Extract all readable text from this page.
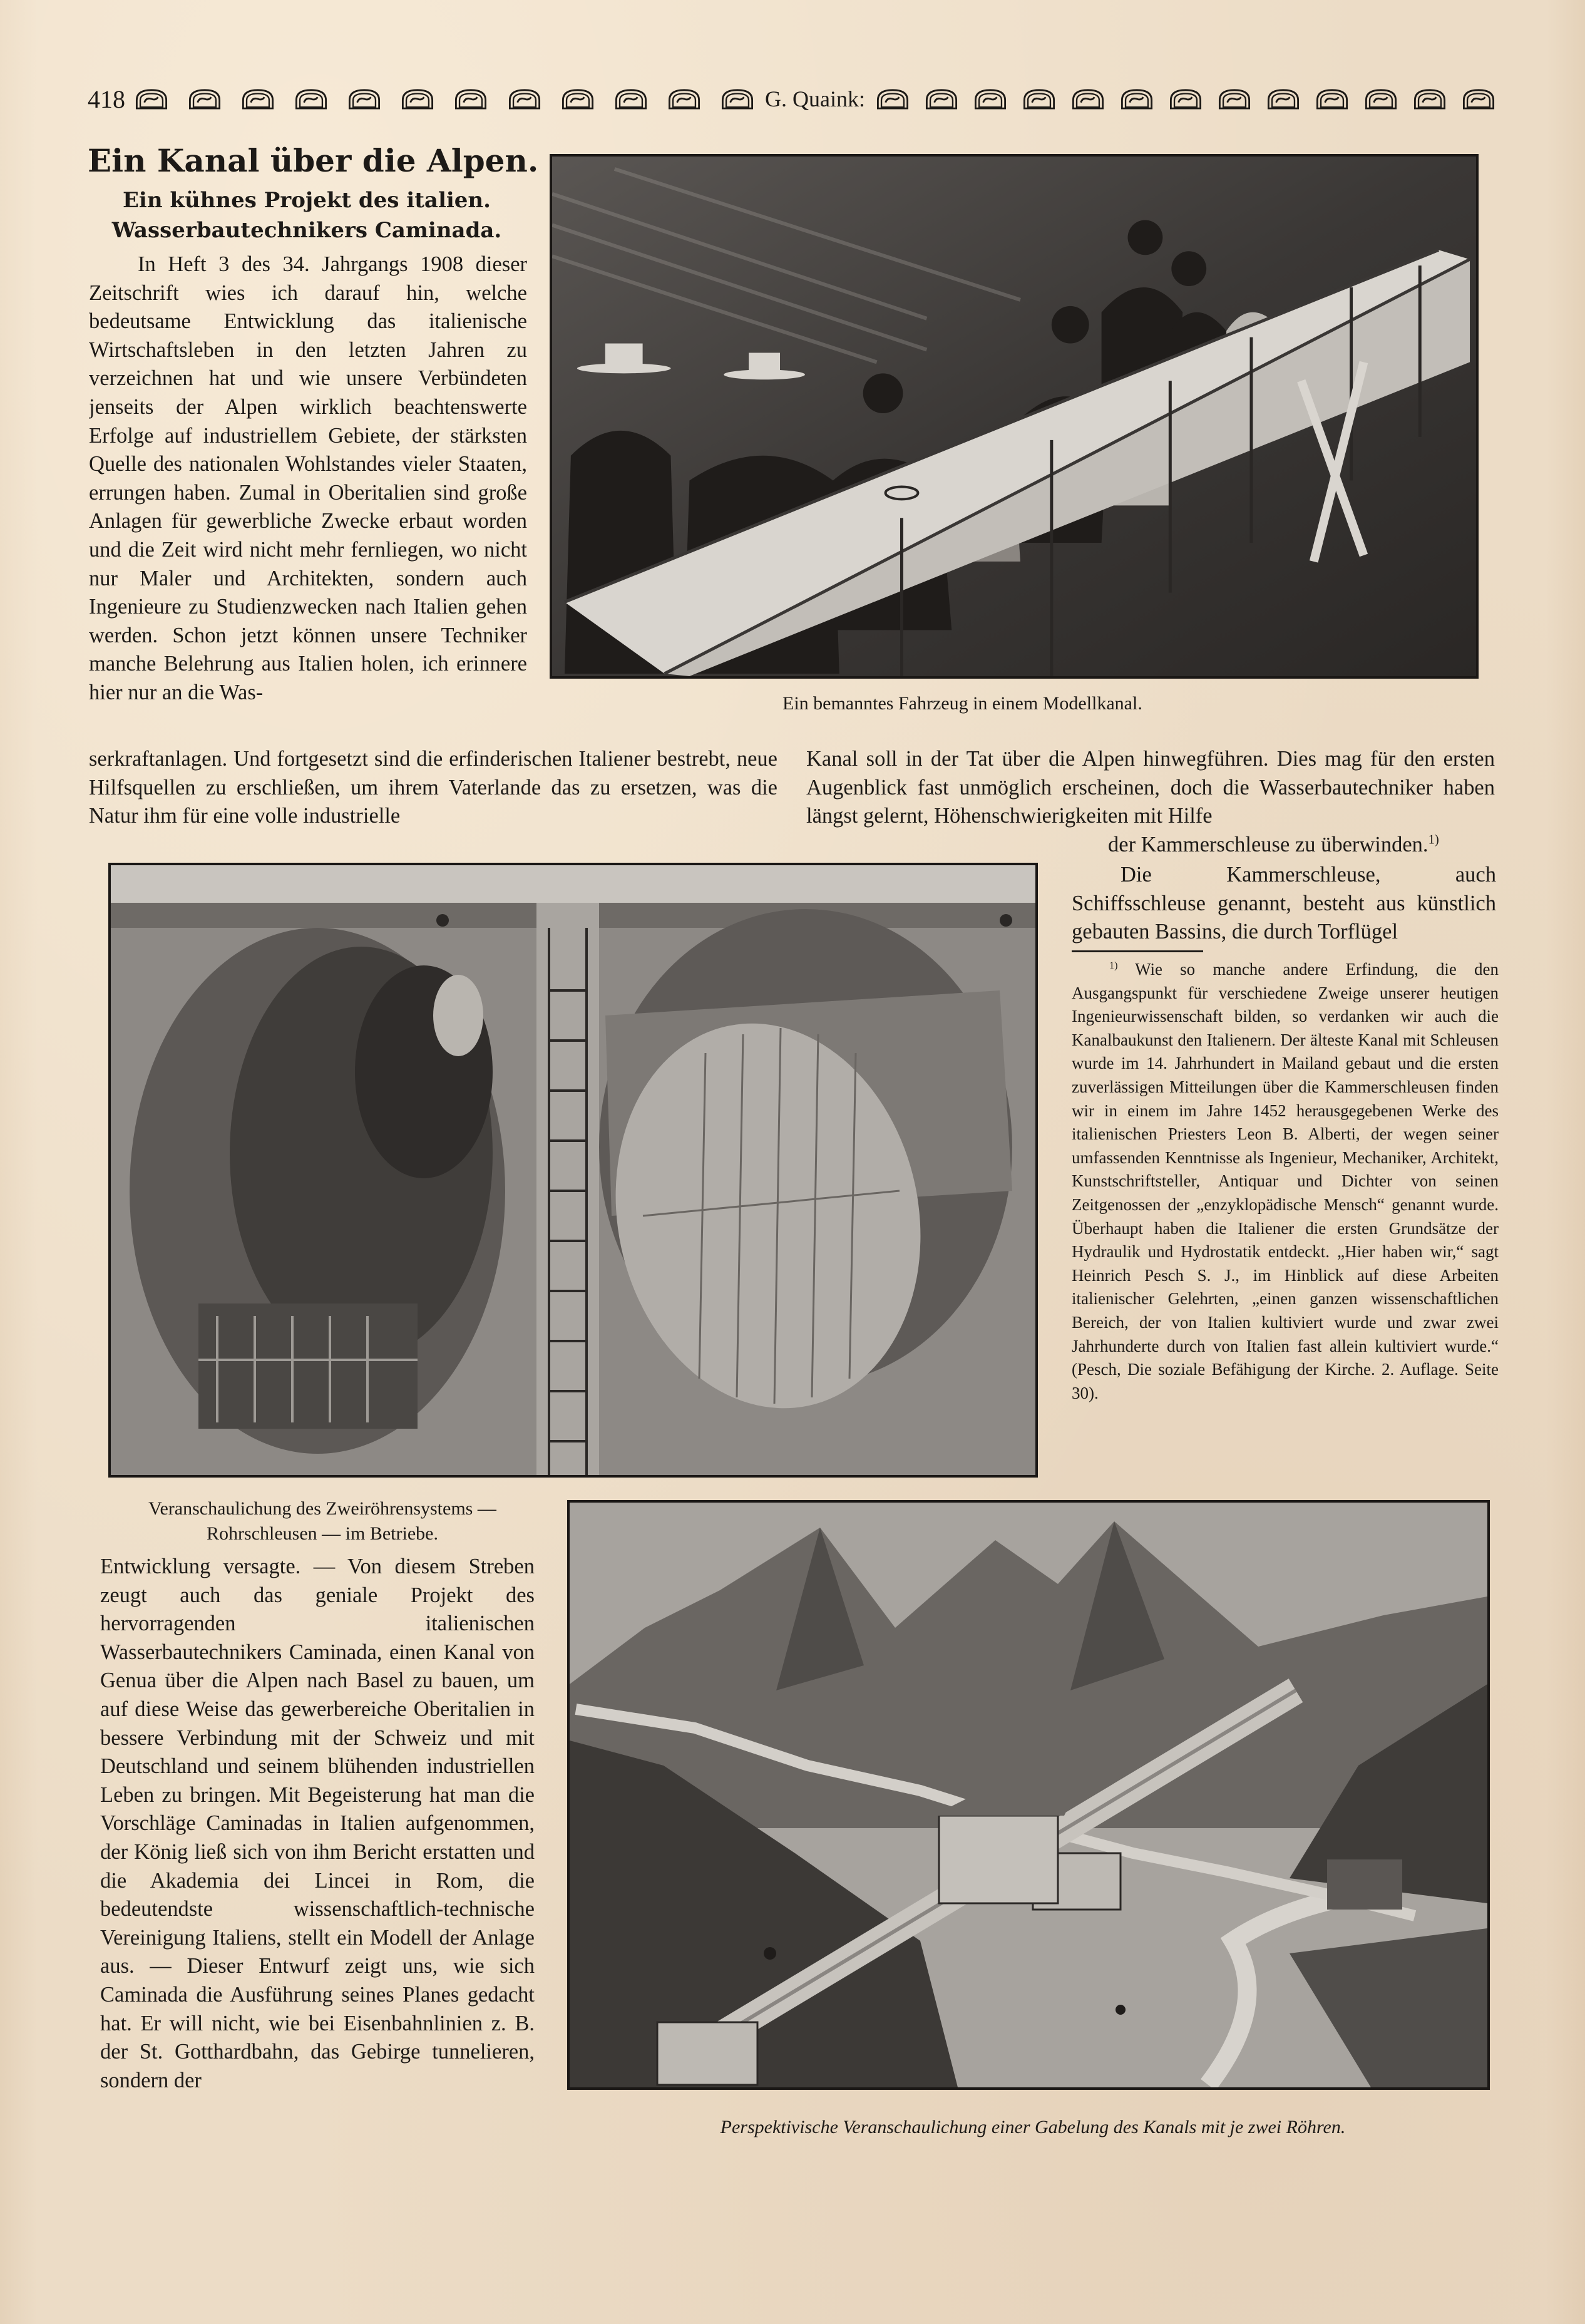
418	G. Quaink:
Ein Kanal über die Alpen.
Ein kühnes Projekt des italien.
Wasserbautechnikers Caminada.

In Heft 3 des 34. Jahrgangs 1908 dieser Zeitschrift wies ich darauf hin, welche bedeutsame Entwicklung das italienische Wirtschaftsleben in den letzten Jahren zu verzeichnen hat und wie unsere Verbündeten jenseits der Alpen wirklich beachtenswerte Erfolge auf industriellem Gebiete, der stärksten Quelle des nationalen Wohlstandes vieler Staaten, errungen haben. Zumal in Oberitalien sind große Anlagen für gewerbliche Zwecke erbaut worden und die Zeit wird nicht mehr fernliegen, wo nicht nur Maler und Architekten, sondern auch Ingenieure zu Studienzwecken nach Italien gehen werden. Schon jetzt können unsere Techniker manche Belehrung aus Italien holen, ich erinnere hier nur an die Was-

serkraftanlagen. Und fortgesetzt sind die erfinderischen Italiener bestrebt, neue Hilfsquellen zu erschließen, um ihrem Vaterlande das zu ersetzen, was die Natur ihm für eine volle industrielle

Kanal soll in der Tat über die Alpen hinwegführen. Dies mag für den ersten Augenblick fast unmöglich erscheinen, doch die Wasserbautechniker haben längst gelernt, Höhenschwierigkeiten mit Hilfe

der Kammerschleuse zu überwinden.$^{1)}$

Die Kammerschleuse, auch Schiffsschleuse genannt, besteht aus künstlich gebauten Bassins, die durch Torflügel

Entwicklung versagte. — Von diesem Streben zeugt auch das geniale Projekt des hervorragenden italienischen Wasserbautechnikers Caminada, einen Kanal von Genua über die Alpen nach Basel zu bauen, um auf diese Weise das gewerbereiche Oberitalien in bessere Verbindung mit der Schweiz und mit Deutschland und seinem blühenden industriellen Leben zu bringen. Mit Begeisterung hat man die Vorschläge Caminadas in Italien aufgenommen, der König ließ sich von ihm Bericht erstatten und die Akademia dei Lincei in Rom, die bedeutendste wissenschaftlich-technische Vereinigung Italiens, stellt ein Modell der Anlage aus. — Dieser Entwurf zeigt uns, wie sich Caminada die Ausführung seines Planes gedacht hat. Er will nicht, wie bei Eisenbahnlinien z. B. der St. Gotthardbahn, das Gebirge tunnelieren, sondern der

$^{1)}$ Wie so manche andere Erfindung, die den Ausgangspunkt für verschiedene Zweige unserer heutigen Ingenieurwissenschaft bilden, so verdanken wir auch die Kanalbaukunst den Italienern. Der älteste Kanal mit Schleusen wurde im 14. Jahrhundert in Mailand gebaut und die ersten zuverlässigen Mitteilungen über die Kammerschleusen finden wir in einem im Jahre 1452 herausgegebenen Werke des italienischen Priesters Leon B. Alberti, der wegen seiner umfassenden Kenntnisse als Ingenieur, Mechaniker, Architekt, Kunstschriftsteller, Antiquar und Dichter von seinen Zeitgenossen der „enzyklopädische Mensch“ genannt wurde. Überhaupt haben die Italiener die ersten Grundsätze der Hydraulik und Hydrostatik entdeckt. „Hier haben wir,“ sagt Heinrich Pesch S. J., im Hinblick auf diese Arbeiten italienischer Gelehrten, „einen ganzen wissenschaftlichen Bereich, der von Italien kultiviert wurde und zwar zwei Jahrhunderte durch von Italien fast allein kultiviert wurde.“ (Pesch, Die soziale Befähigung der Kirche. 2. Auflage. Seite 30).
Ein bemanntes Fahrzeug in einem Modellkanal.
Veranschaulichung des Zweiröhrensystems —
Rohrschleusen — im Betriebe.
Perspektivische Veranschaulichung einer Gabelung des Kanals mit je zwei Röhren.
